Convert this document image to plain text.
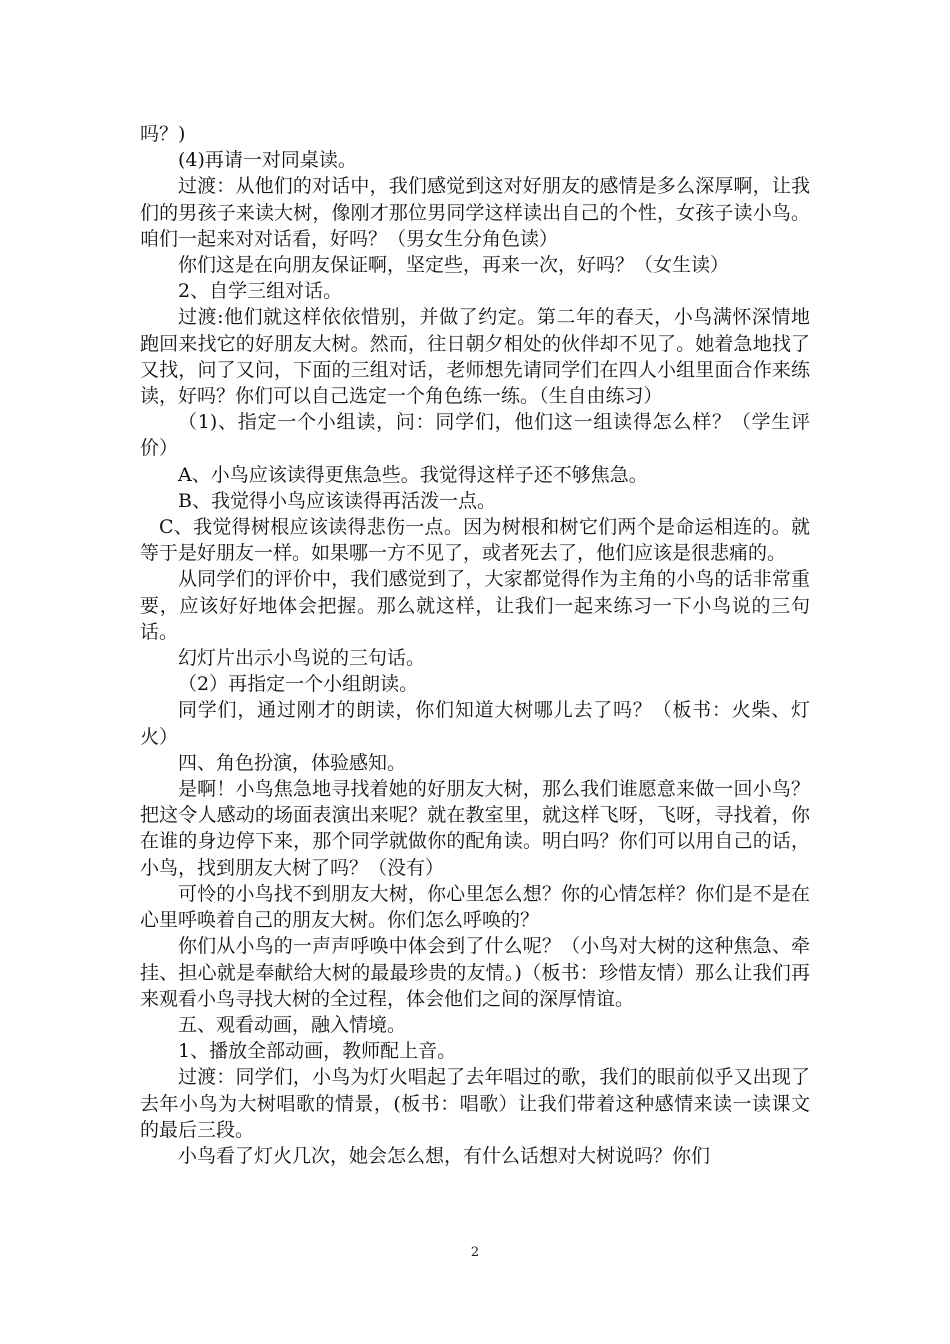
吗？)

(4)再请一对同桌读。

过渡：从他们的对话中，我们感觉到这对好朋友的感情是多么深厚啊，让我们的男孩子来读大树，像刚才那位男同学这样读出自己的个性，女孩子读小鸟。咱们一起来对对话看，好吗？（男女生分角色读）

你们这是在向朋友保证啊，坚定些，再来一次，好吗？（女生读）

2、自学三组对话。

过渡:他们就这样依依惜别，并做了约定。第二年的春天，小鸟满怀深情地跑回来找它的好朋友大树。然而，往日朝夕相处的伙伴却不见了。她着急地找了又找，问了又问，下面的三组对话，老师想先请同学们在四人小组里面合作来练读，好吗？你们可以自己选定一个角色练一练。（生自由练习）

（1)、指定一个小组读，问：同学们，他们这一组读得怎么样？（学生评价）

A、小鸟应该读得更焦急些。我觉得这样子还不够焦急。

B、我觉得小鸟应该读得再活泼一点。

C、我觉得树根应该读得悲伤一点。因为树根和树它们两个是命运相连的。就等于是好朋友一样。如果哪一方不见了，或者死去了，他们应该是很悲痛的。

从同学们的评价中，我们感觉到了，大家都觉得作为主角的小鸟的话非常重要，应该好好地体会把握。那么就这样，让我们一起来练习一下小鸟说的三句话。

幻灯片出示小鸟说的三句话。

（2）再指定一个小组朗读。

同学们，通过刚才的朗读，你们知道大树哪儿去了吗？（板书：火柴、灯火）

四、角色扮演，体验感知。

是啊！小鸟焦急地寻找着她的好朋友大树，那么我们谁愿意来做一回小鸟？把这令人感动的场面表演出来呢？就在教室里，就这样飞呀，飞呀，寻找着，你在谁的身边停下来，那个同学就做你的配角读。明白吗？你们可以用自己的话，小鸟，找到朋友大树了吗？（没有）

可怜的小鸟找不到朋友大树，你心里怎么想？你的心情怎样？你们是不是在心里呼唤着自己的朋友大树。你们怎么呼唤的？

你们从小鸟的一声声呼唤中体会到了什么呢？（小鸟对大树的这种焦急、牵挂、担心就是奉献给大树的最最珍贵的友情。)（板书：珍惜友情）那么让我们再来观看小鸟寻找大树的全过程，体会他们之间的深厚情谊。

五、观看动画，融入情境。

1、播放全部动画，教师配上音。

过渡：同学们，小鸟为灯火唱起了去年唱过的歌，我们的眼前似乎又出现了去年小鸟为大树唱歌的情景，(板书：唱歌）让我们带着这种感情来读一读课文的最后三段。

小鸟看了灯火几次，她会怎么想，有什么话想对大树说吗？你们

2
